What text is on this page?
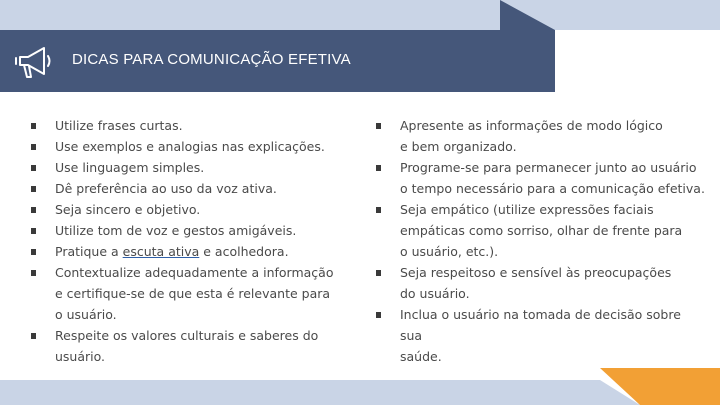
DICAS PARA COMUNICAÇÃO EFETIVA
Utilize frases curtas.
Use exemplos e analogias nas explicações.
Use linguagem simples.
Dê preferência ao uso da voz ativa.
Seja sincero e objetivo.
Utilize tom de voz e gestos amigáveis.
Pratique a escuta ativa e acolhedora.
Contextualize adequadamente a informação
e certifique-se de que esta é relevante para
o usuário.
Respeite os valores culturais e saberes do
usuário.
Apresente as informações de modo lógico
e bem organizado.
Programe-se para permanecer junto ao usuário
o tempo necessário para a comunicação efetiva.
Seja empático (utilize expressões faciais
empáticas como sorriso, olhar de frente para
o usuário, etc.).
Seja respeitoso e sensível às preocupações
do usuário.
Inclua o usuário na tomada de decisão sobre sua
saúde.
